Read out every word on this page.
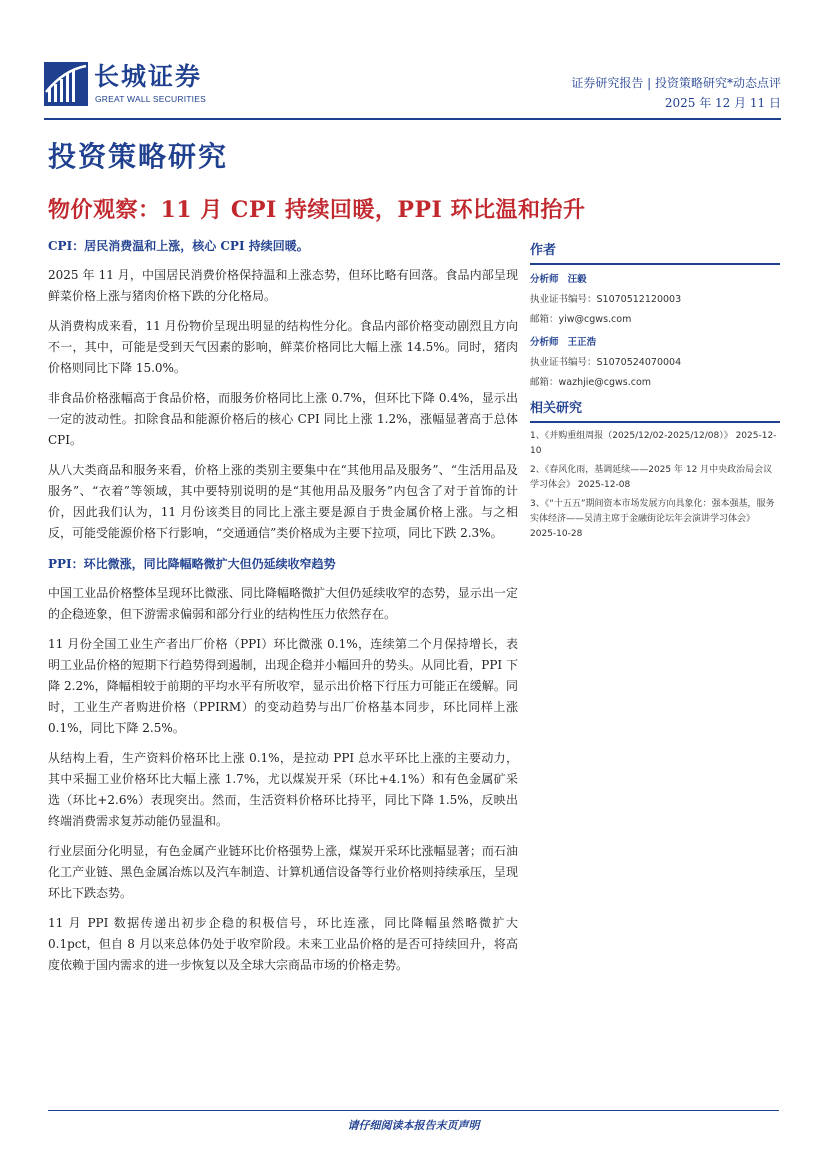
长城证券
GREAT WALL SECURITIES
证券研究报告 | 投资策略研究*动态点评
2025 年 12 月 11 日
投资策略研究
物价观察：11 月 CPI 持续回暖，PPI 环比温和抬升
CPI：居民消费温和上涨，核心 CPI 持续回暖。

2025 年 11 月，中国居民消费价格保持温和上涨态势，但环比略有回落。食品内部呈现鲜菜价格上涨与猪肉价格下跌的分化格局。

从消费构成来看，11 月份物价呈现出明显的结构性分化。食品内部价格变动剧烈且方向不一，其中，可能是受到天气因素的影响，鲜菜价格同比大幅上涨 14.5%。同时，猪肉价格则同比下降 15.0%。

非食品价格涨幅高于食品价格，而服务价格同比上涨 0.7%，但环比下降 0.4%，显示出一定的波动性。扣除食品和能源价格后的核心 CPI 同比上涨 1.2%，涨幅显著高于总体 CPI。

从八大类商品和服务来看，价格上涨的类别主要集中在“其他用品及服务”、“生活用品及服务”、“衣着”等领域，其中要特别说明的是“其他用品及服务”内包含了对于首饰的计价，因此我们认为，11 月份该类目的同比上涨主要是源自于贵金属价格上涨。与之相反，可能受能源价格下行影响，“交通通信”类价格成为主要下拉项，同比下跌 2.3%。

PPI：环比微涨，同比降幅略微扩大但仍延续收窄趋势

中国工业品价格整体呈现环比微涨、同比降幅略微扩大但仍延续收窄的态势，显示出一定的企稳迹象，但下游需求偏弱和部分行业的结构性压力依然存在。

11 月份全国工业生产者出厂价格（PPI）环比微涨 0.1%，连续第二个月保持增长，表明工业品价格的短期下行趋势得到遏制，出现企稳并小幅回升的势头。从同比看，PPI 下降 2.2%，降幅相较于前期的平均水平有所收窄，显示出价格下行压力可能正在缓解。同时，工业生产者购进价格（PPIRM）的变动趋势与出厂价格基本同步，环比同样上涨 0.1%，同比下降 2.5%。

从结构上看，生产资料价格环比上涨 0.1%，是拉动 PPI 总水平环比上涨的主要动力，其中采掘工业价格环比大幅上涨 1.7%，尤以煤炭开采（环比+4.1%）和有色金属矿采选（环比+2.6%）表现突出。然而，生活资料价格环比持平，同比下降 1.5%，反映出终端消费需求复苏动能仍显温和。

行业层面分化明显，有色金属产业链环比价格强势上涨，煤炭开采环比涨幅显著；而石油化工产业链、黑色金属冶炼以及汽车制造、计算机通信设备等行业价格则持续承压，呈现环比下跌态势。

11 月 PPI 数据传递出初步企稳的积极信号，环比连涨，同比降幅虽然略微扩大 0.1pct，但自 8 月以来总体仍处于收窄阶段。未来工业品价格的是否可持续回升，将高度依赖于国内需求的进一步恢复以及全球大宗商品市场的价格走势。

作者
分析师 汪毅
执业证书编号：S1070512120003
邮箱：yiw@cgws.com
分析师 王正浩
执业证书编号：S1070524070004
邮箱：wazhjie@cgws.com
相关研究
1、《并购重组周报（2025/12/02-2025/12/08）》 2025-12-10
2、《春风化雨，基调延续——2025 年 12 月中央政治局会议学习体会》 2025-12-08
3、《“十五五”期间资本市场发展方向具象化：强本强基，服务实体经济——吴清主席于金融街论坛年会演讲学习体会》 2025-10-28
请仔细阅读本报告末页声明
